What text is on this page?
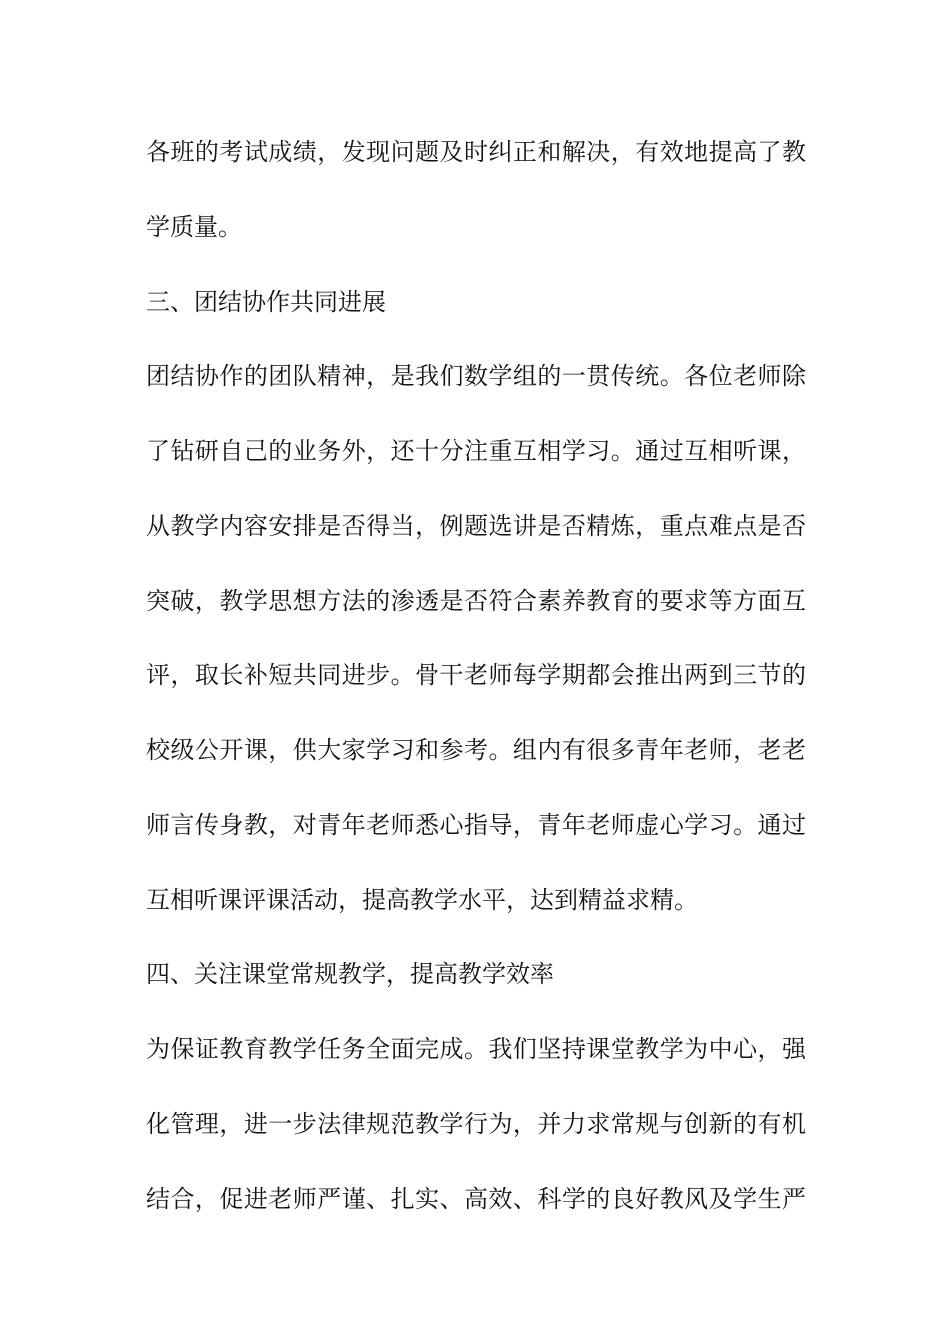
各班的考试成绩，发现问题及时纠正和解决，有效地提高了教
学质量。
三、团结协作共同进展
团结协作的团队精神，是我们数学组的一贯传统。各位老师除
了钻研自己的业务外，还十分注重互相学习。通过互相听课，
从教学内容安排是否得当，例题选讲是否精炼，重点难点是否
突破，教学思想方法的渗透是否符合素养教育的要求等方面互
评，取长补短共同进步。骨干老师每学期都会推出两到三节的
校级公开课，供大家学习和参考。组内有很多青年老师，老老
师言传身教，对青年老师悉心指导，青年老师虚心学习。通过
互相听课评课活动，提高教学水平，达到精益求精。
四、关注课堂常规教学，提高教学效率
为保证教育教学任务全面完成。我们坚持课堂教学为中心，强
化管理，进一步法律规范教学行为，并力求常规与创新的有机
结合，促进老师严谨、扎实、高效、科学的良好教风及学生严
